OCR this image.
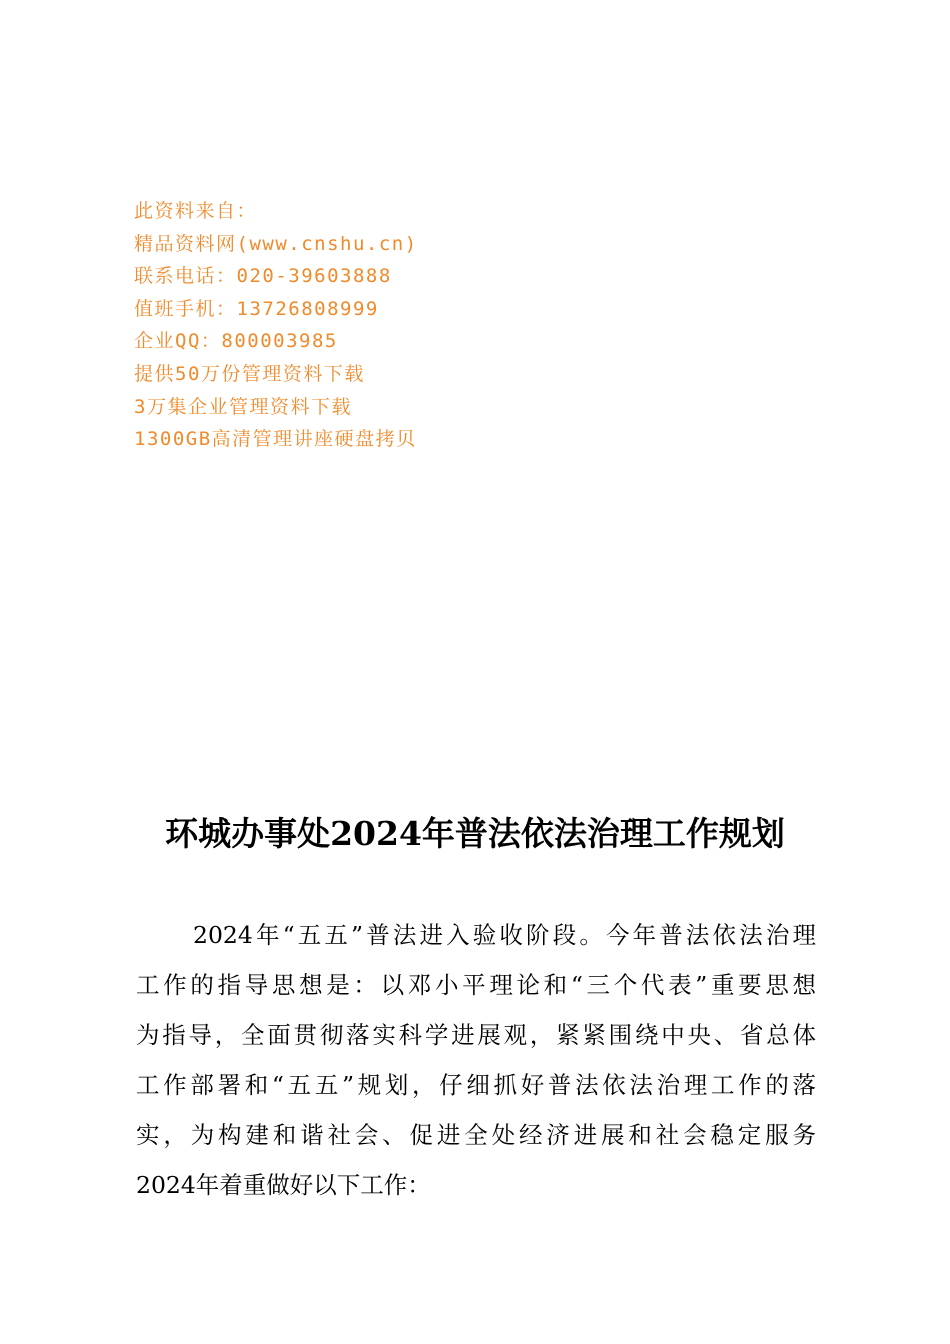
此资料来自：
精品资料网(www.cnshu.cn)
联系电话：020-39603888
值班手机：13726808999
企业QQ：800003985
提供50万份管理资料下载
3万集企业管理资料下载
1300GB高清管理讲座硬盘拷贝
环城办事处2024年普法依法治理工作规划

2024年“五五”普法进入验收阶段。今年普法依法治理
工作的指导思想是：以邓小平理论和“三个代表”重要思想
为指导，全面贯彻落实科学进展观，紧紧围绕中央、省总体
工作部署和“五五”规划，仔细抓好普法依法治理工作的落
实，为构建和谐社会、促进全处经济进展和社会稳定服务
2024年着重做好以下工作：
